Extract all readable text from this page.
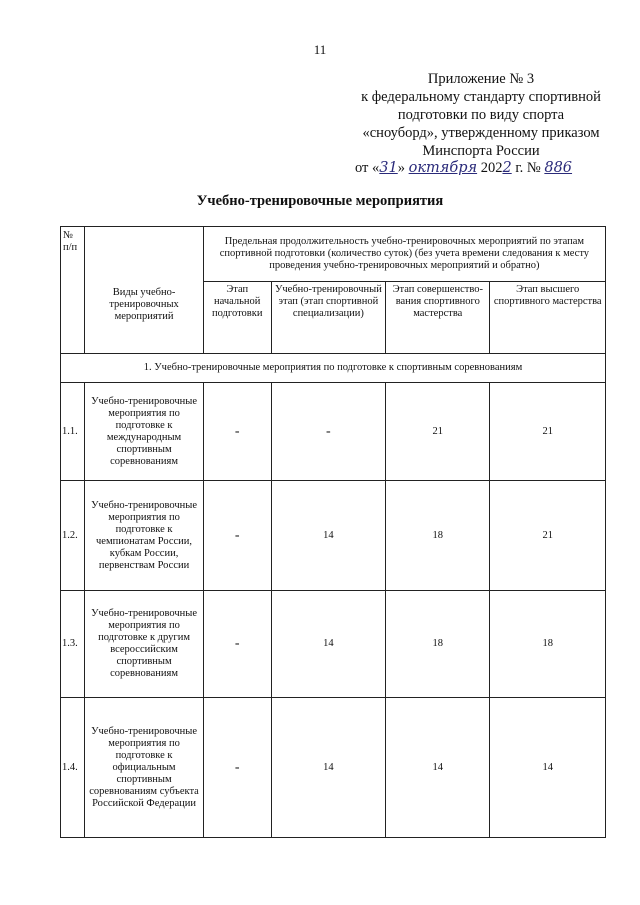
11
Приложение № 3
к федеральному стандарту спортивной
подготовки по виду спорта
«сноуборд», утвержденному приказом
Минспорта России
от «31» октября 2022 г. № 886
Учебно-тренировочные мероприятия
№ п/п	Виды учебно-тренировочных мероприятий	Предельная продолжительность учебно-тренировочных мероприятий по этапам спортивной подготовки (количество суток) (без учета времени следования к месту проведения учебно-тренировочных мероприятий и обратно)			
		Этап начальной подготовки	Учебно-тренировочный этап (этап спортивной специализации)	Этап совершенство-вания спортивного мастерства	Этап высшего спортивного мастерства
1. Учебно-тренировочные мероприятия по подготовке к спортивным соревнованиям					
1.1.	Учебно-тренировочные мероприятия по подготовке к международным спортивным соревнованиям	-	-	21	21
1.2.	Учебно-тренировочные мероприятия по подготовке к чемпионатам России, кубкам России, первенствам России	-	14	18	21
1.3.	Учебно-тренировочные мероприятия по подготовке к другим всероссийским спортивным соревнованиям	-	14	18	18
1.4.	Учебно-тренировочные мероприятия по подготовке к официальным спортивным соревнованиям субъекта Российской Федерации	-	14	14	14
